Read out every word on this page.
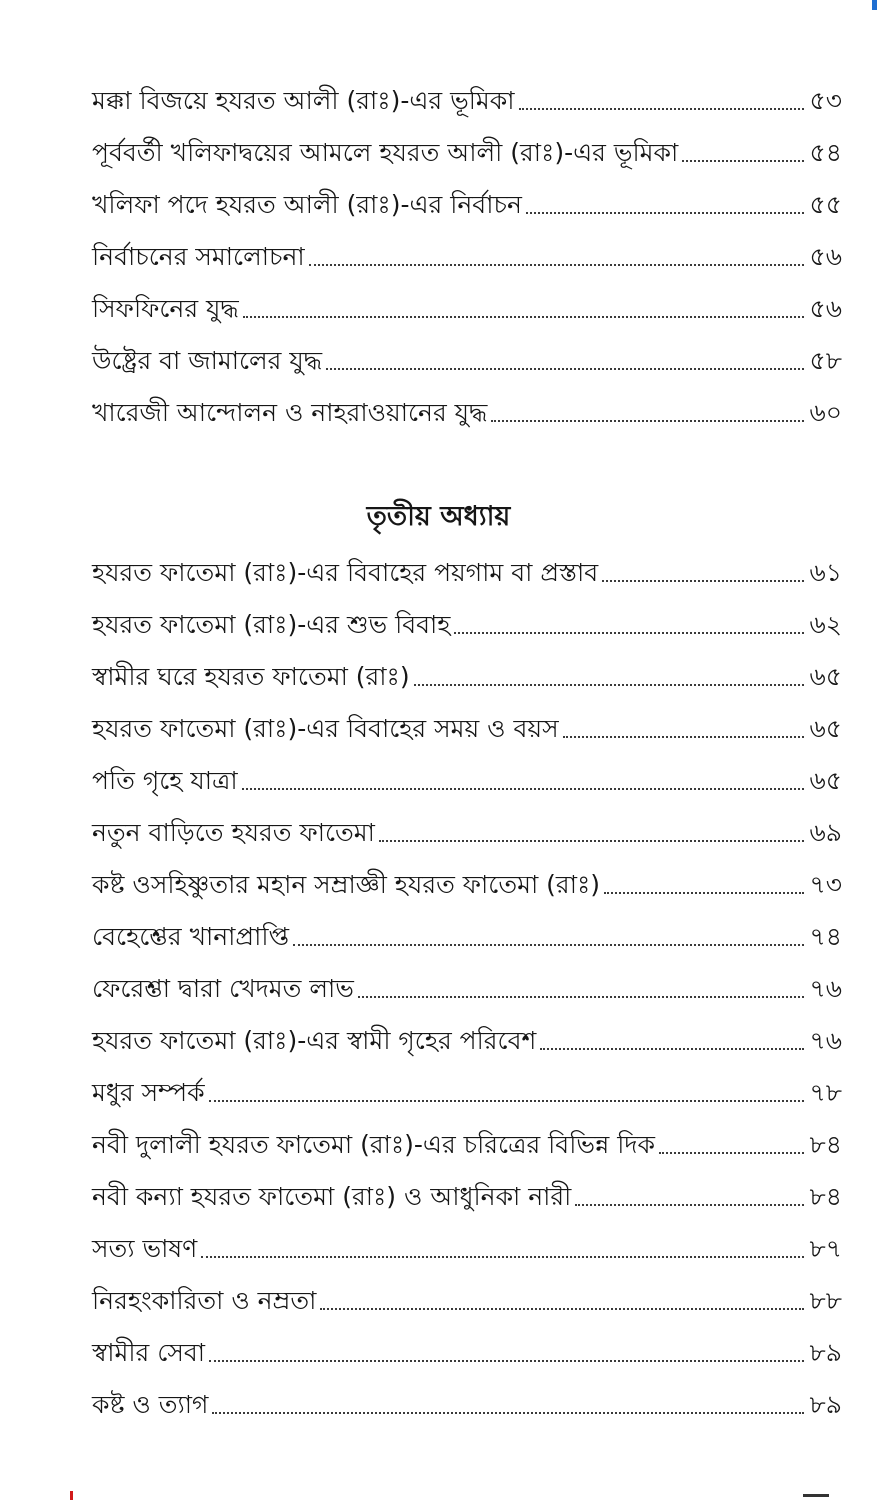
মক্কা বিজয়ে হযরত আলী (রাঃ)-এর ভূমিকা	৫৩
পূর্ববর্তী খলিফাদ্বয়ের আমলে হযরত আলী (রাঃ)-এর ভূমিকা	৫৪
খলিফা পদে হযরত আলী (রাঃ)-এর নির্বাচন	৫৫
নির্বাচনের সমালোচনা	৫৬
সিফফিনের যুদ্ধ	৫৬
উষ্ট্রের বা জামালের যুদ্ধ	৫৮
খারেজী আন্দোলন ও নাহরাওয়ানের যুদ্ধ	৬০
তৃতীয় অধ্যায়
হযরত ফাতেমা (রাঃ)-এর বিবাহের পয়গাম বা প্রস্তাব	৬১
হযরত ফাতেমা (রাঃ)-এর শুভ বিবাহ	৬২
স্বামীর ঘরে হযরত ফাতেমা (রাঃ)	৬৫
হযরত ফাতেমা (রাঃ)-এর বিবাহের সময় ও বয়স	৬৫
পতি গৃহে যাত্রা	৬৫
নতুন বাড়িতে হযরত ফাতেমা	৬৯
কষ্ট ওসহিষ্ণুতার মহান সম্রাজ্ঞী হযরত ফাতেমা (রাঃ)	৭৩
বেহেশ্তের খানাপ্রাপ্তি	৭৪
ফেরেশ্তা দ্বারা খেদমত লাভ	৭৬
হযরত ফাতেমা (রাঃ)-এর স্বামী গৃহের পরিবেশ	৭৬
মধুর সম্পর্ক	৭৮
নবী দুলালী হযরত ফাতেমা (রাঃ)-এর চরিত্রের বিভিন্ন দিক	৮৪
নবী কন্যা হযরত ফাতেমা (রাঃ) ও আধুনিকা নারী	৮৪
সত্য ভাষণ	৮৭
নিরহংকারিতা ও নম্রতা	৮৮
স্বামীর সেবা	৮৯
কষ্ট ও ত্যাগ	৮৯
